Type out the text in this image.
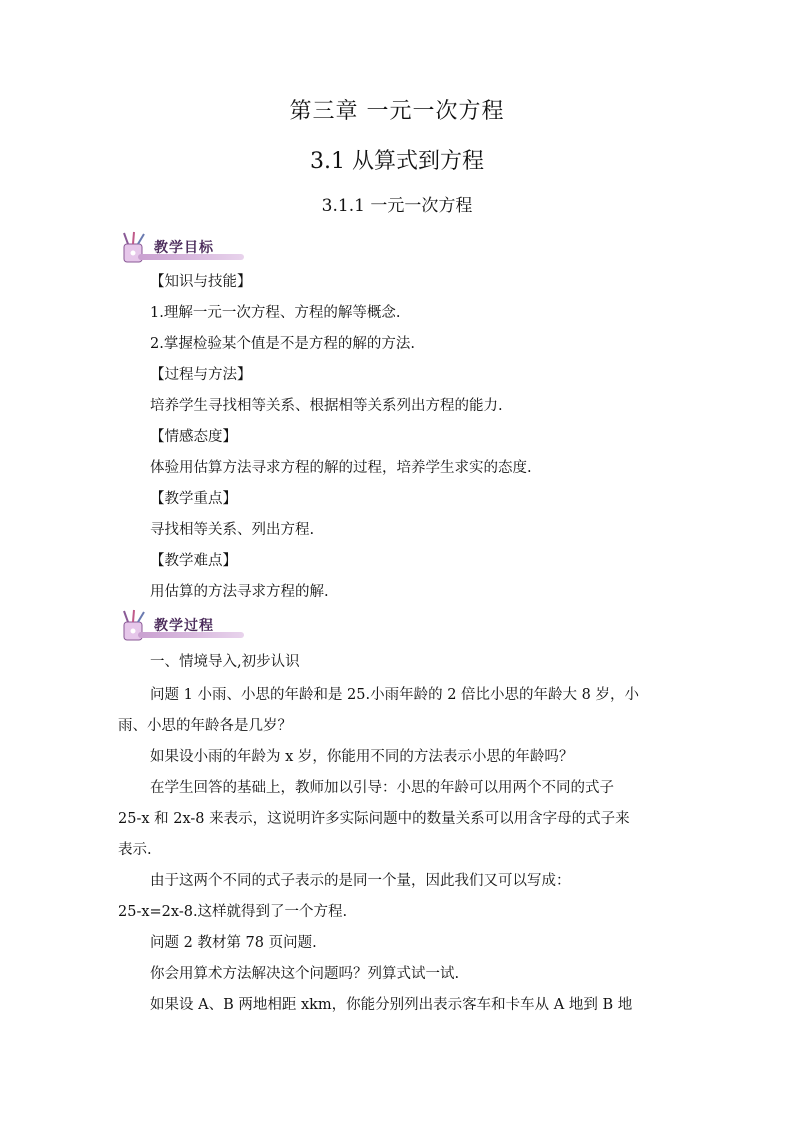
第三章 一元一次方程
3.1 从算式到方程
3.1.1 一元一次方程
教学目标
【知识与技能】
1.理解一元一次方程、方程的解等概念.
2.掌握检验某个值是不是方程的解的方法.
【过程与方法】
培养学生寻找相等关系、根据相等关系列出方程的能力.
【情感态度】
体验用估算方法寻求方程的解的过程，培养学生求实的态度.
【教学重点】
寻找相等关系、列出方程.
【教学难点】
用估算的方法寻求方程的解.
教学过程
一、情境导入,初步认识
问题 1 小雨、小思的年龄和是 25.小雨年龄的 2 倍比小思的年龄大 8 岁，小
雨、小思的年龄各是几岁？
如果设小雨的年龄为 x 岁，你能用不同的方法表示小思的年龄吗？
在学生回答的基础上，教师加以引导：小思的年龄可以用两个不同的式子
25-x 和 2x-8 来表示，这说明许多实际问题中的数量关系可以用含字母的式子来
表示.
由于这两个不同的式子表示的是同一个量，因此我们又可以写成：
25-x=2x-8.这样就得到了一个方程.
问题 2 教材第 78 页问题.
你会用算术方法解决这个问题吗？列算式试一试.
如果设 A、B 两地相距 xkm，你能分别列出表示客车和卡车从 A 地到 B 地
